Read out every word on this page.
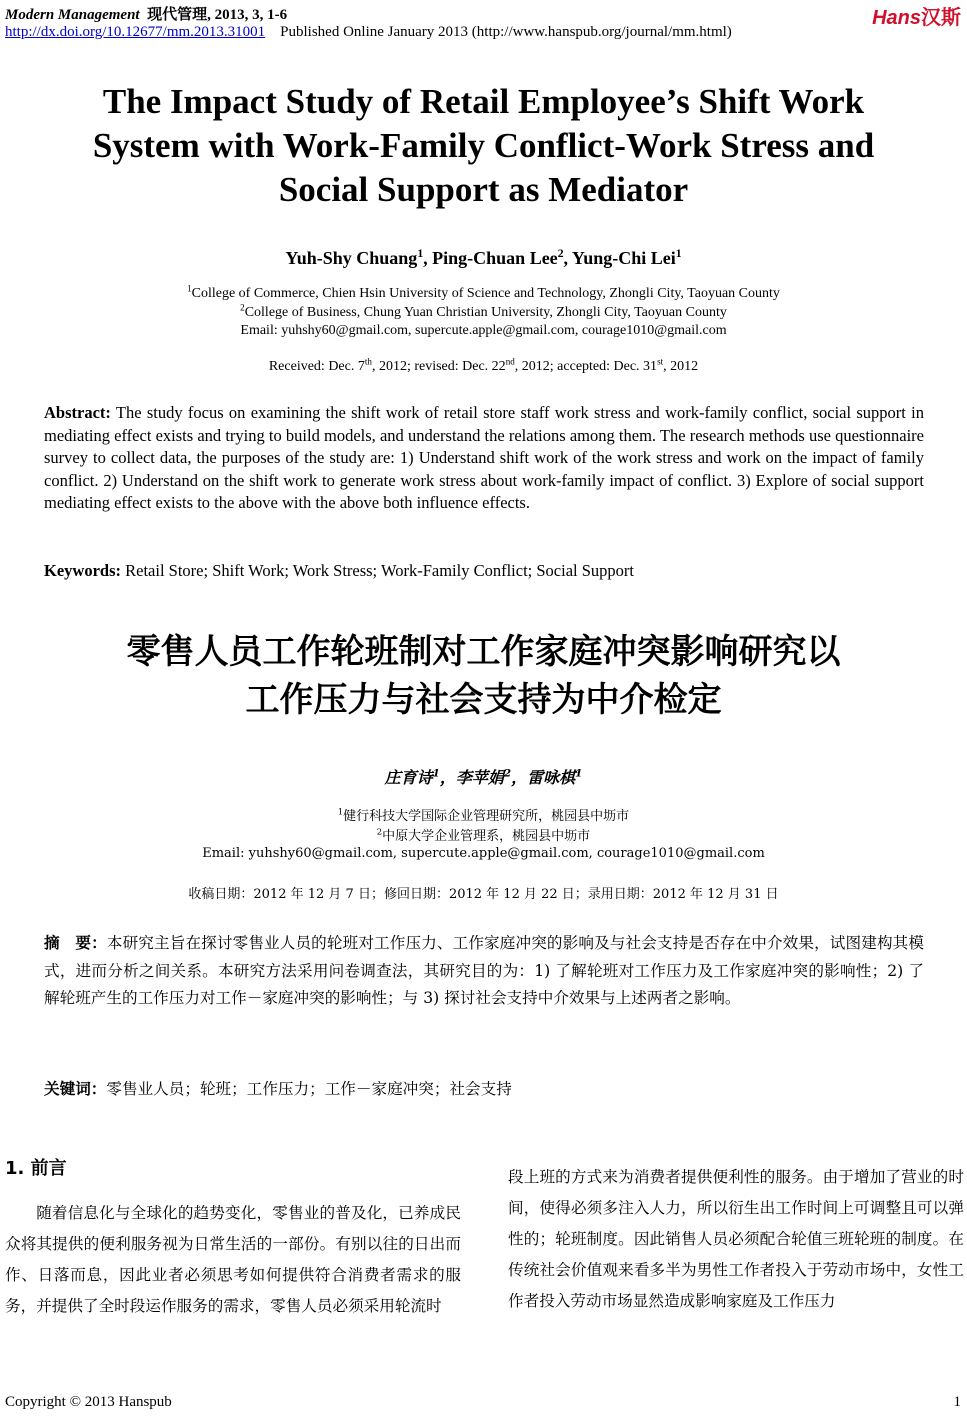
Modern Management 现代管理, 2013, 3, 1-6
http://dx.doi.org/10.12677/mm.2013.31001 Published Online January 2013 (http://www.hanspub.org/journal/mm.html)
Hans汉斯
The Impact Study of Retail Employee’s Shift Work
System with Work-Family Conflict-Work Stress and
Social Support as Mediator
Yuh-Shy Chuang$^1$, Ping-Chuan Lee$^2$, Yung-Chi Lei$^1$
$^1$College of Commerce, Chien Hsin University of Science and Technology, Zhongli City, Taoyuan County
$^2$College of Business, Chung Yuan Christian University, Zhongli City, Taoyuan County
Email: yuhshy60@gmail.com, supercute.apple@gmail.com, courage1010@gmail.com
Received: Dec. 7th, 2012; revised: Dec. 22nd, 2012; accepted: Dec. 31st, 2012
Abstract: The study focus on examining the shift work of retail store staff work stress and work-family conflict, social support in mediating effect exists and trying to build models, and understand the relations among them. The research methods use questionnaire survey to collect data, the purposes of the study are: 1) Understand shift work of the work stress and work on the impact of family conflict. 2) Understand on the shift work to generate work stress about work-family impact of conflict. 3) Explore of social support mediating effect exists to the above with the above both influence effects.
Keywords: Retail Store; Shift Work; Work Stress; Work-Family Conflict; Social Support
零售人员工作轮班制对工作家庭冲突影响研究以
工作压力与社会支持为中介检定
庄育诗$^1$，李苹娟$^2$，雷咏棋$^1$
$^1$健行科技大学国际企业管理研究所，桃园县中坜市
$^2$中原大学企业管理系，桃园县中坜市
Email: yuhshy60@gmail.com, supercute.apple@gmail.com, courage1010@gmail.com
收稿日期：2012 年 12 月 7 日；修回日期：2012 年 12 月 22 日；录用日期：2012 年 12 月 31 日
摘　要：本研究主旨在探讨零售业人员的轮班对工作压力、工作家庭冲突的影响及与社会支持是否存在中介效果，试图建构其模式，进而分析之间关系。本研究方法采用问卷调查法，其研究目的为：1) 了解轮班对工作压力及工作家庭冲突的影响性；2) 了解轮班产生的工作压力对工作－家庭冲突的影响性；与 3) 探讨社会支持中介效果与上述两者之影响。
关键词：零售业人员；轮班；工作压力；工作－家庭冲突；社会支持
1. 前言

随着信息化与全球化的趋势变化，零售业的普及化，已养成民众将其提供的便利服务视为日常生活的一部份。有别以往的日出而作、日落而息，因此业者必须思考如何提供符合消费者需求的服务，并提供了全时段运作服务的需求，零售人员必须采用轮流时

段上班的方式来为消费者提供便利性的服务。由于增加了营业的时间，使得必须多注入人力，所以衍生出工作时间上可调整且可以弹性的；轮班制度。因此销售人员必须配合轮值三班轮班的制度。在传统社会价值观来看多半为男性工作者投入于劳动市场中，女性工作者投入劳动市场显然造成影响家庭及工作压力

Copyright © 2013 Hanspub	1
